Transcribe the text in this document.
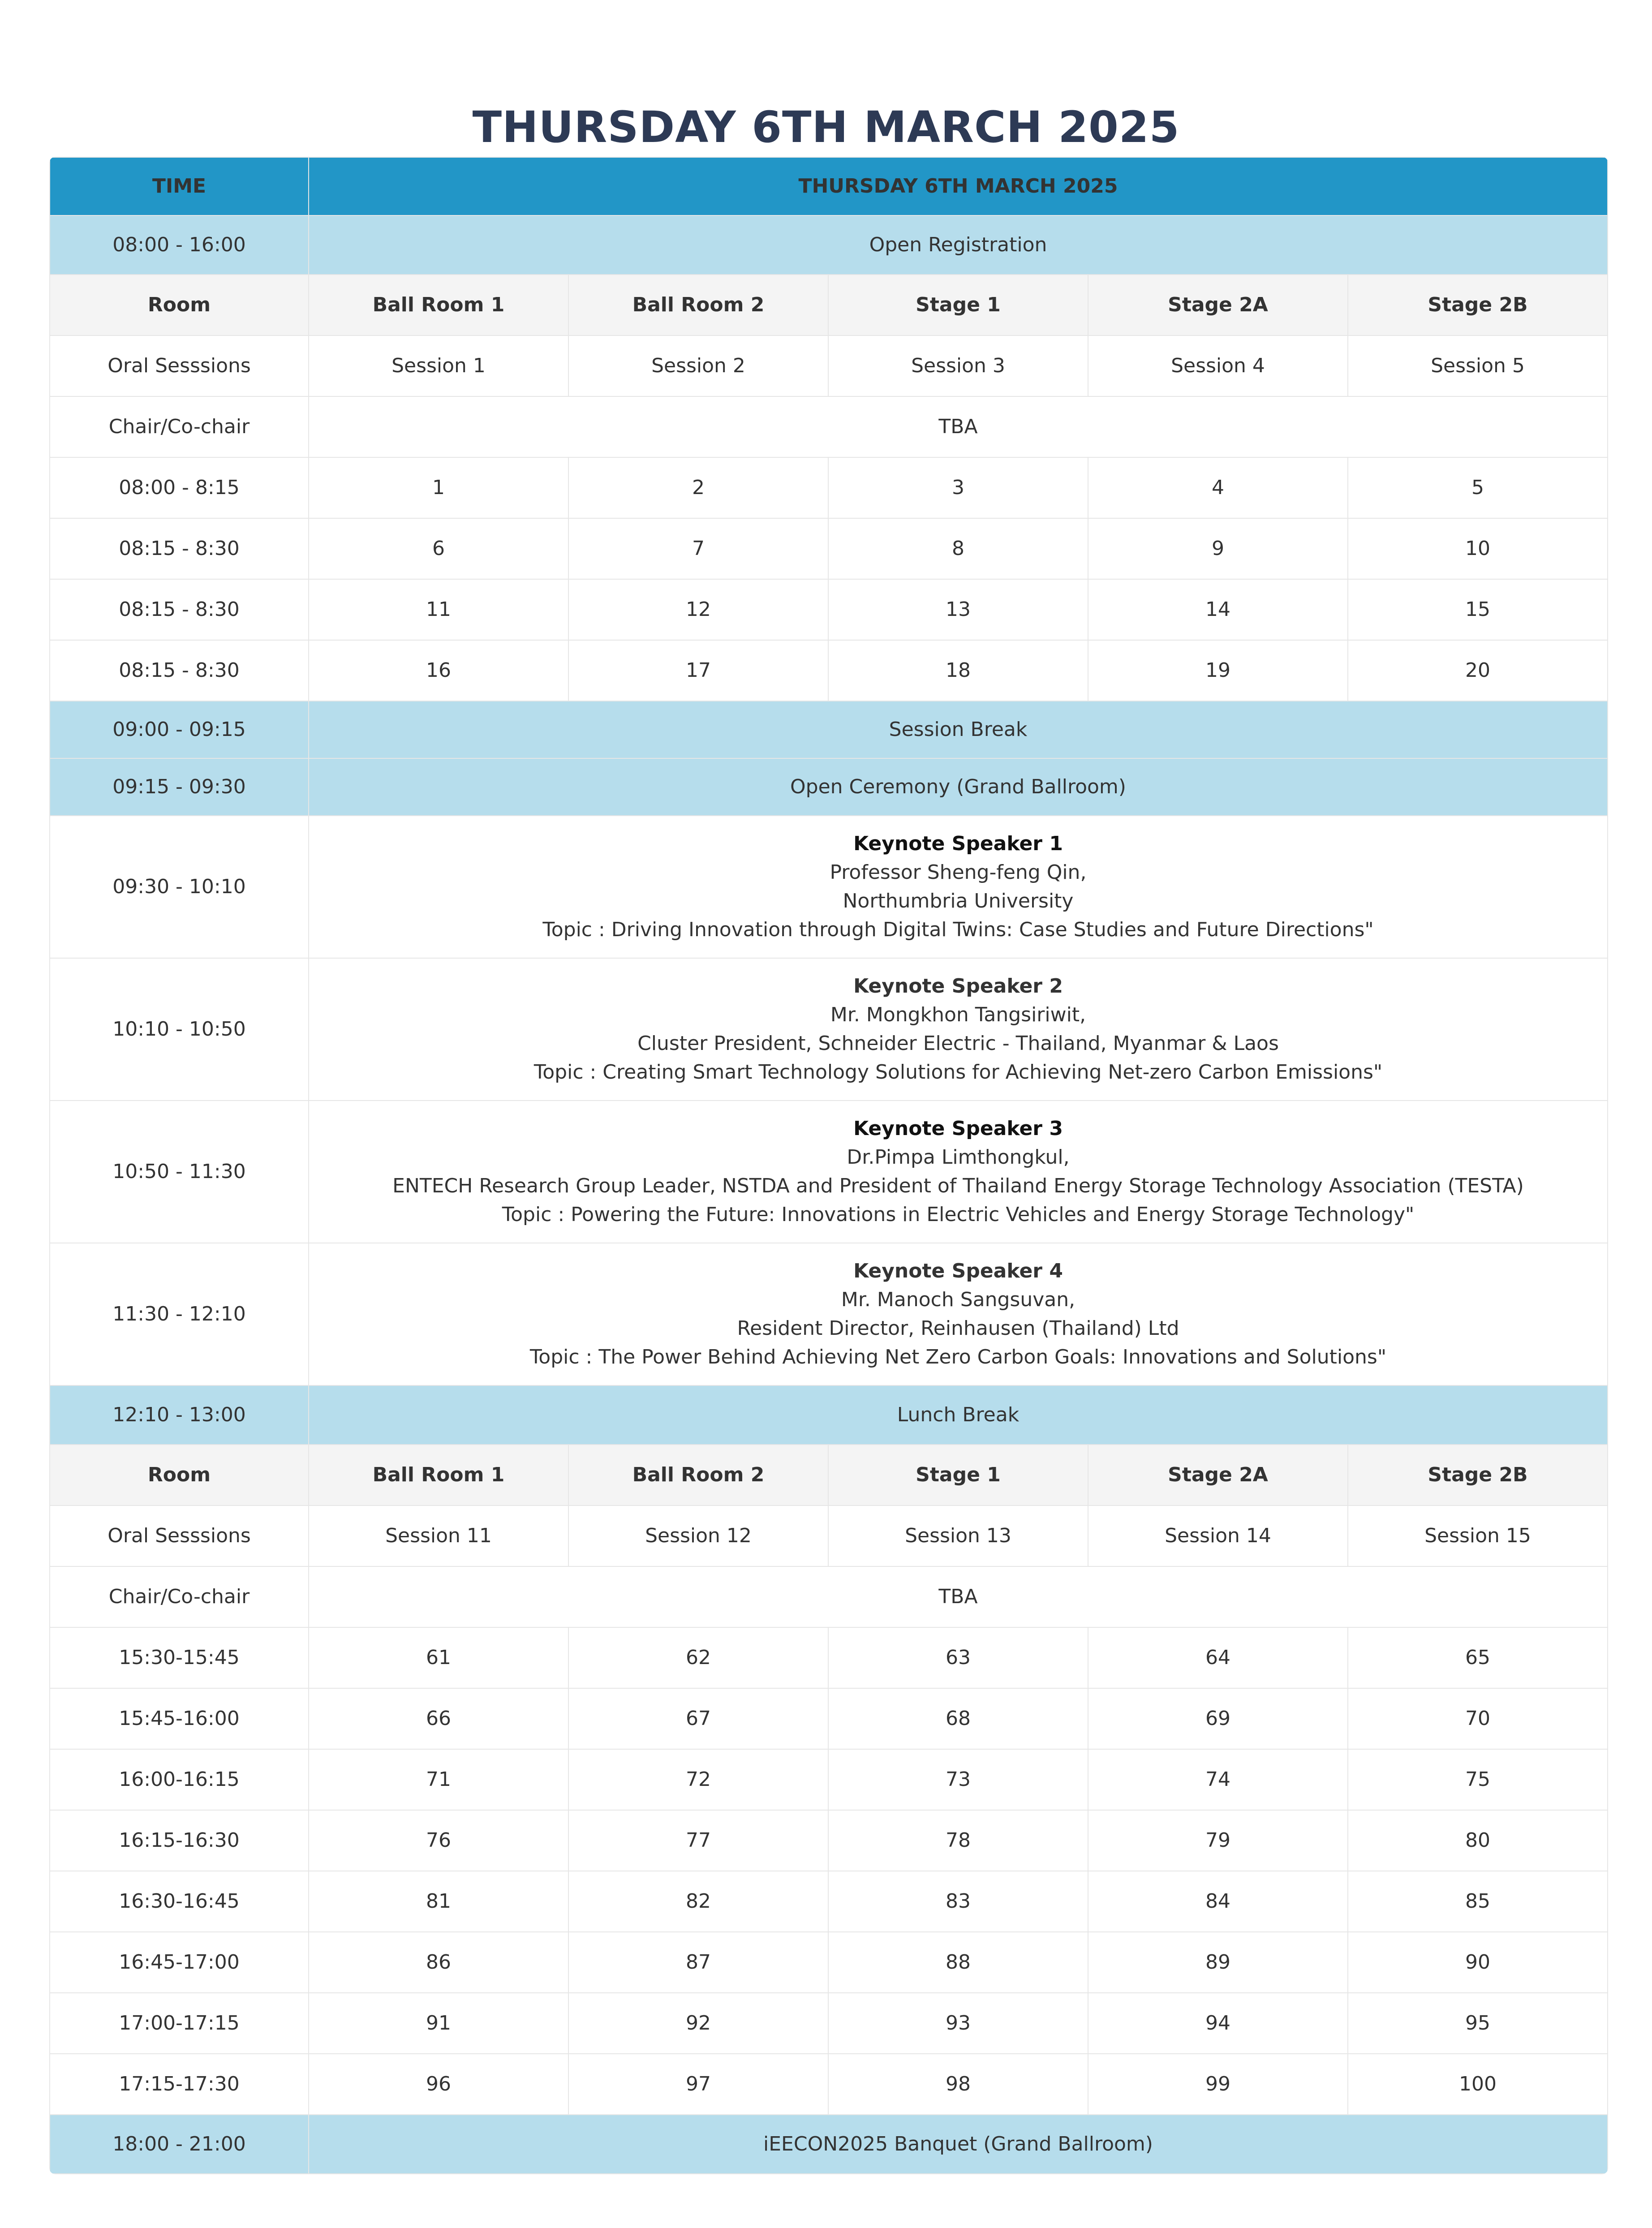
THURSDAY 6TH MARCH 2025
TIME	THURSDAY 6TH MARCH 2025				
08:00 - 16:00	Open Registration				
Room	Ball Room 1	Ball Room 2	Stage 1	Stage 2A	Stage 2B
Oral Sesssions	Session 1	Session 2	Session 3	Session 4	Session 5
Chair/Co-chair	TBA				
08:00 - 8:15	1	2	3	4	5
08:15 - 8:30	6	7	8	9	10
08:15 - 8:30	11	12	13	14	15
08:15 - 8:30	16	17	18	19	20
09:00 - 09:15	Session Break				
09:15 - 09:30	Open Ceremony (Grand Ballroom)				
09:30 - 10:10	Keynote Speaker 1
Professor Sheng-feng Qin,
Northumbria University
Topic : Driving Innovation through Digital Twins: Case Studies and Future Directions"				

10:10 - 10:50	Keynote Speaker 2
Mr. Mongkhon Tangsiriwit,
Cluster President, Schneider Electric - Thailand, Myanmar & Laos
Topic : Creating Smart Technology Solutions for Achieving Net-zero Carbon Emissions"				

10:50 - 11:30	Keynote Speaker 3
Dr.Pimpa Limthongkul,
ENTECH Research Group Leader, NSTDA and President of Thailand Energy Storage Technology Association (TESTA)
Topic : Powering the Future: Innovations in Electric Vehicles and Energy Storage Technology"				

11:30 - 12:10	Keynote Speaker 4
Mr. Manoch Sangsuvan,
Resident Director, Reinhausen (Thailand) Ltd
Topic : The Power Behind Achieving Net Zero Carbon Goals: Innovations and Solutions"				

12:10 - 13:00	Lunch Break				
Room	Ball Room 1	Ball Room 2	Stage 1	Stage 2A	Stage 2B
Oral Sesssions	Session 11	Session 12	Session 13	Session 14	Session 15
Chair/Co-chair	TBA				
15:30-15:45	61	62	63	64	65
15:45-16:00	66	67	68	69	70
16:00-16:15	71	72	73	74	75
16:15-16:30	76	77	78	79	80
16:30-16:45	81	82	83	84	85
16:45-17:00	86	87	88	89	90
17:00-17:15	91	92	93	94	95
17:15-17:30	96	97	98	99	100
18:00 - 21:00	iEECON2025 Banquet (Grand Ballroom)				
